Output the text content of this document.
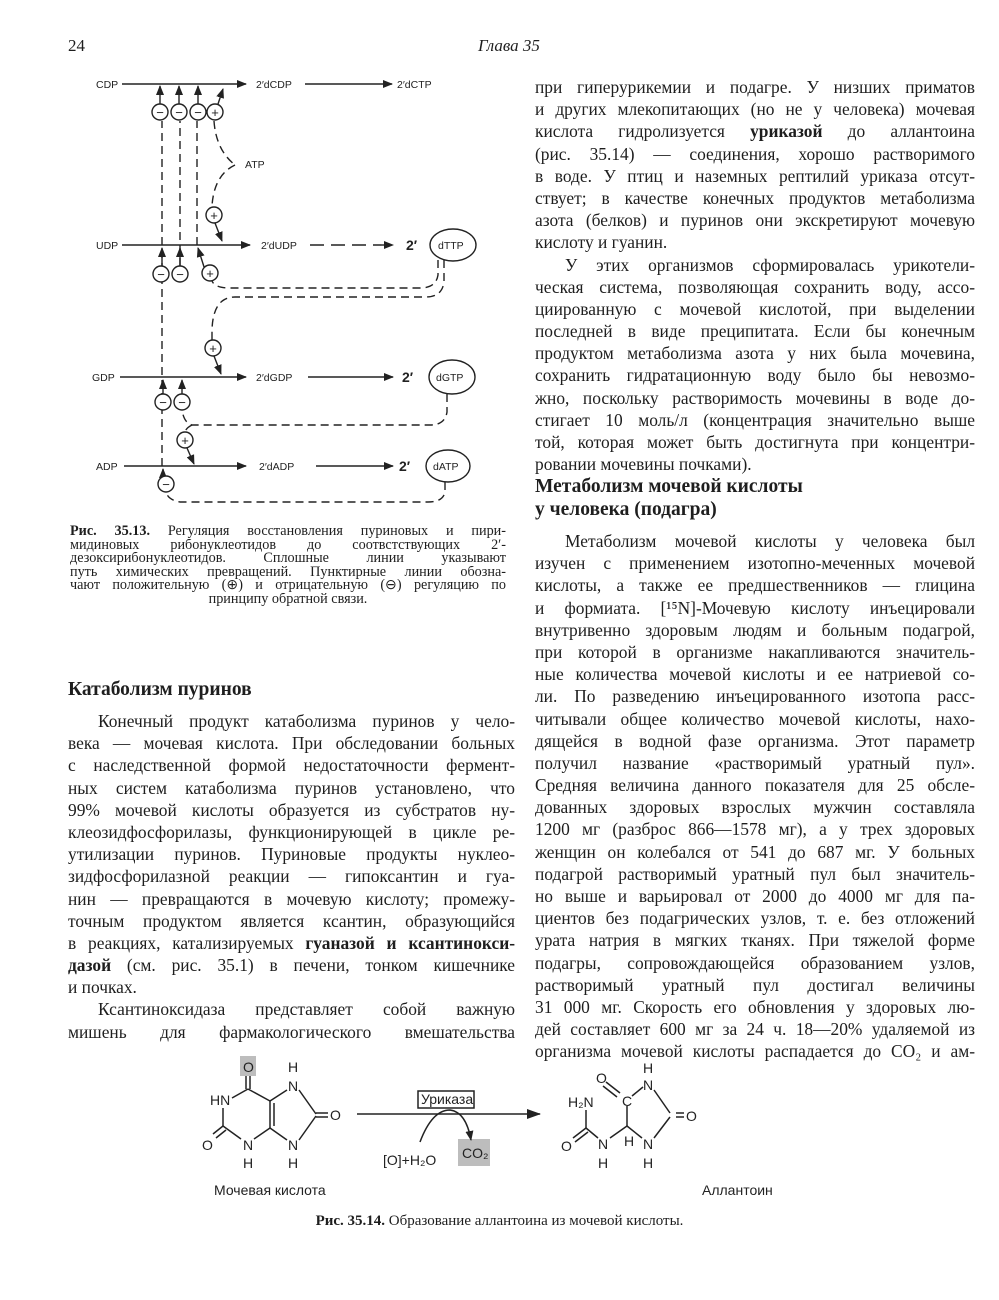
24	Глава 35
− − − +
+
− − +
+
− −
+
−
CDP	2′dCDP	2′dCTP
UDP	2′dUDP	dTTP
GDP	2′dGDP	dGTP
ADP	2′dADP	dATP
ATP
2′
2′
2′
Рис. 35.13. Регуляция восстановления пуриновых и пири-
мидиновых рибонуклеотидов до соотвстствующих 2′-
дезоксирибонуклеотидов. Сплошные линии указывают
путь химических превращений. Пунктирные линии обозна-
чают положительную (⊕) и отрицательную (⊖) регуляцию по
принципу обратной связи.
Катаболизм пуринов
Конечный продукт катаболизма пуринов у чело-
века — мочевая кислота. При обследовании больных
с наследственной формой недостаточности фермент-
ных систем катаболизма пуринов установлено, что
99% мочевой кислоты образуется из субстратов ну-
клеозидфосфорилазы, функционирующей в цикле ре-
утилизации пуринов. Пуриновые продукты нуклео-
зидфосфорилазной реакции — гипоксантин и гуа-
нин — превращаются в мочевую кислоту; промежу-
точным продуктом является ксантин, образующийся
в реакциях, катализируемых гуаназой и ксантинокси-
дазой (см. рис. 35.1) в печени, тонком кишечнике
и почках.
Ксантиноксидаза представляет собой важную
мишень для фармакологического вмешательства
при гиперурикемии и подагре. У низших приматов
и других млекопитающих (но не у человека) мочевая
кислота гидролизуется уриказой до аллантоина
(рис. 35.14) — соединения, хорошо растворимого
в воде. У птиц и наземных рептилий уриказа отсут-
ствует; в качестве конечных продуктов метаболизма
азота (белков) и пуринов они экскретируют мочевую
кислоту и гуанин.
У этих организмов сформировалась урикотели-
ческая система, позволяющая сохранить воду, ассо-
циированную с мочевой кислотой, при выделении
последней в виде преципитата. Если бы конечным
продуктом метаболизма азота у них была мочевина,
сохранить гидратационную воду было бы невозмо-
жно, поскольку растворимость мочевины в воде до-
стигает 10 моль/л (концентрация значительно выше
той, которая может быть достигнута при концентри-
ровании мочевины почками).
Метаболизм мочевой кислоты
у человека (подагра)
Метаболизм мочевой кислоты у человека был
изучен с применением изотопно-меченных мочевой
кислоты, а также ее предшественников — глицина
и формиата. [¹⁵N]-Мочевую кислоту инъецировали
внутривенно здоровым людям и больным подагрой,
при которой в организме накапливаются значитель-
ные количества мочевой кислоты и ее натриевой со-
ли. По разведению инъецированного изотопа расс-
читывали общее количество мочевой кислоты, нахо-
дящейся в водной фазе организма. Этот параметр
получил название «растворимый уратный пул».
Средняя величина данного показателя для 25 обсле-
дованных здоровых взрослых мужчин составляла
1200 мг (разброс 866—1578 мг), а у трех здоровых
женщин он колебался от 541 до 687 мг. У больных
подагрой растворимый уратный пул был значитель-
но выше и варьировал от 2000 до 4000 мг для па-
циентов без подагрических узлов, т. е. без отложений
урата натрия в мягких тканях. При тяжелой форме
подагры, сопровождающейся образованием узлов,
растворимый уратный пул достигал величины
31 000 мг. Скорость его обновления у здоровых лю-
дей составляет 600 мг за 24 ч. 18—20% удаляемой из
организма мочевой кислоты распадается до CO₂ и ам-
O H
N
HN
O
O N
H
N
H
Уриказа
[O]+H₂O CO₂
H
O	N
C
H₂N
O
O N
H
H N
H
Мочевая кислота	Аллантоин
Рис. 35.14. Образование аллантоина из мочевой кислоты.
